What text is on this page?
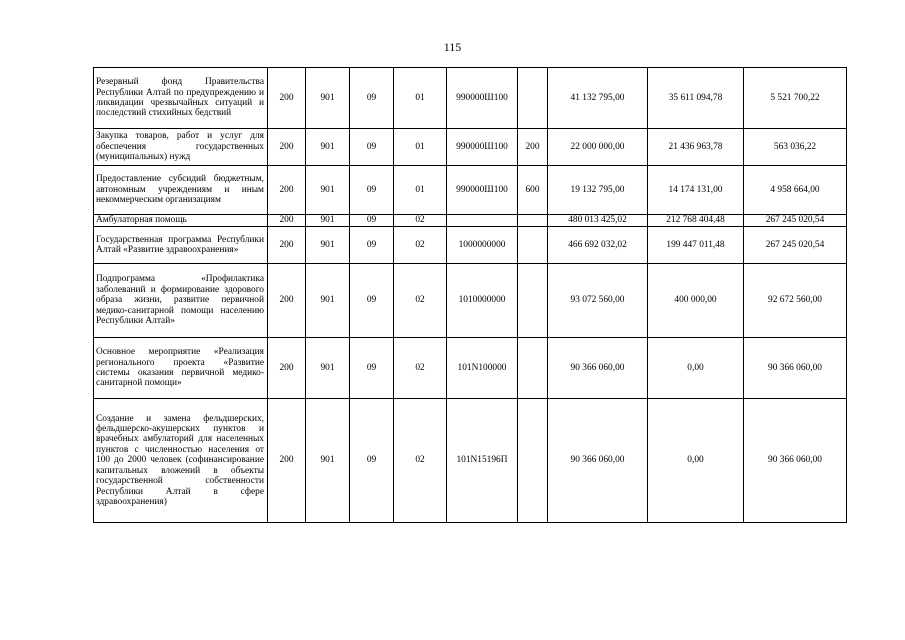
115
Резервный фонд Правительства Республики Алтай по предупреждению и ликвидации чрезвычайных ситуаций и последствий стихийных бедствий	200	901	09	01	990000Ш100		41 132 795,00	35 611 094,78	5 521 700,22
Закупка товаров, работ и услуг для обеспечения государственных (муниципальных) нужд	200	901	09	01	990000Ш100	200	22 000 000,00	21 436 963,78	563 036,22
Предоставление субсидий бюджетным, автономным учреждениям и иным некоммерческим организациям	200	901	09	01	990000Ш100	600	19 132 795,00	14 174 131,00	4 958 664,00
Амбулаторная помощь	200	901	09	02			480 013 425,02	212 768 404,48	267 245 020,54
Государственная программа Республики Алтай «Развитие здравоохранения»	200	901	09	02	1000000000		466 692 032,02	199 447 011,48	267 245 020,54
Подпрограмма «Профилактика заболеваний и формирование здорового образа жизни, развитие первичной медико-санитарной помощи населению Республики Алтай»	200	901	09	02	1010000000		93 072 560,00	400 000,00	92 672 560,00
Основное мероприятие «Реализация регионального проекта «Развитие системы оказания первичной медико-санитарной помощи»	200	901	09	02	101N100000		90 366 060,00	0,00	90 366 060,00
Создание и замена фельдшерских, фельдшерско-акушерских пунктов и врачебных амбулаторий для населенных пунктов с численностью населения от 100 до 2000 человек (софинансирование капитальных вложений в объекты государственной собственности Республики Алтай в сфере здравоохранения)	200	901	09	02	101N15196П		90 366 060,00	0,00	90 366 060,00
